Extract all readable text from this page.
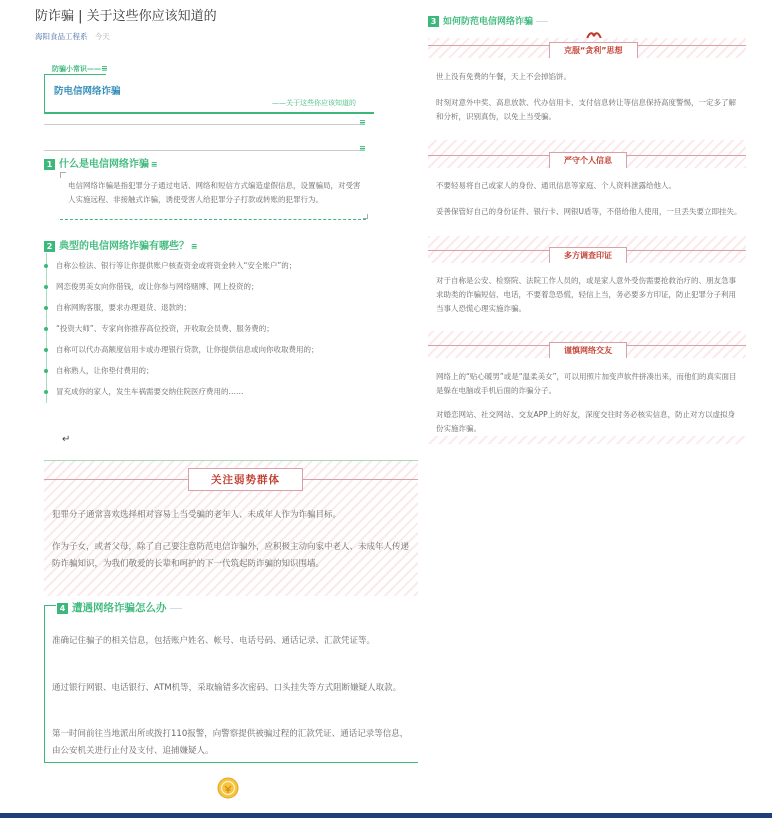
防诈骗 | 关于这些你应该知道的
海阳食品工程系 今天
防骗小常识——≡
防电信网络诈骗
——关于这些你应该知道的
≡
≡
1 什么是电信网络诈骗 ≡
电信网络诈骗是指犯罪分子通过电话、网络和短信方式编造虚假信息，设置骗局，对受害人实施远程、非接触式诈骗，诱使受害人给犯罪分子打款或转账的犯罪行为。
2 典型的电信网络诈骗有哪些？ ≡
自称公检法、银行等让你提供账户核查资金或将资金转入“安全账户”的；
网恋俊男美女向你借钱，或让你参与网络赌博、网上投资的；
自称网购客服，要求办理退货、退款的；
“投资大师”、专家向你推荐高位投资，开收取会员费、服务费的；
自称可以代办高额度信用卡或办理银行贷款，让你提供信息或向你收取费用的；
自称熟人，让你垫付费用的；
冒充成你的家人，发生车祸需要交纳住院医疗费用的……
↵
关注弱势群体
犯罪分子通常喜欢选择相对容易上当受骗的老年人、未成年人作为诈骗目标。
作为子女，或者父母，除了自己要注意防范电信诈骗外，应积极主动向家中老人、未成年人传递防诈骗知识，为我们敬爱的长辈和呵护的下一代筑起防诈骗的知识围墙。
4 遭遇网络诈骗怎么办
准确记住骗子的相关信息，包括账户姓名、帐号、电话号码、通话记录、汇款凭证等。
通过银行网银、电话银行、ATM机等，采取输错多次密码、口头挂失等方式阻断嫌疑人取款。
第一时间前往当地派出所或拨打110报警，向警察提供被骗过程的汇款凭证、通话记录等信息，由公安机关进行止付及支付、追捕嫌疑人。
3 如何防范电信网络诈骗
克服“贪利”思想
世上没有免费的午餐，天上不会掉馅饼。
时刻对意外中奖、高息放款、代办信用卡、支付信息转让等信息保持高度警惕，一定多了解和分析，识别真伪，以免上当受骗。
严守个人信息
不要轻易将自己或家人的身份、通讯信息等家庭、个人资料泄露给他人。
妥善保管好自己的身份证件、银行卡、网银U盾等，不借给他人使用，一旦丢失要立即挂失。
多方调查印证
对于自称是公安、检察院、法院工作人员的，或是家人意外受伤需要抢救治疗的、朋友急事求助类的诈骗短信、电话，不要着急恐慌，轻信上当，务必要多方印证，防止犯罪分子利用当事人恐慌心理实施诈骗。
谨慎网络交友
网络上的“贴心暖男”或是“温柔美女”，可以用照片加变声软件拼凑出来，而他们的真实面目是躲在电脑或手机后面的诈骗分子。
对婚恋网站、社交网站、交友APP上的好友，深度交往时务必核实信息，防止对方以虚拟身份实施诈骗。
